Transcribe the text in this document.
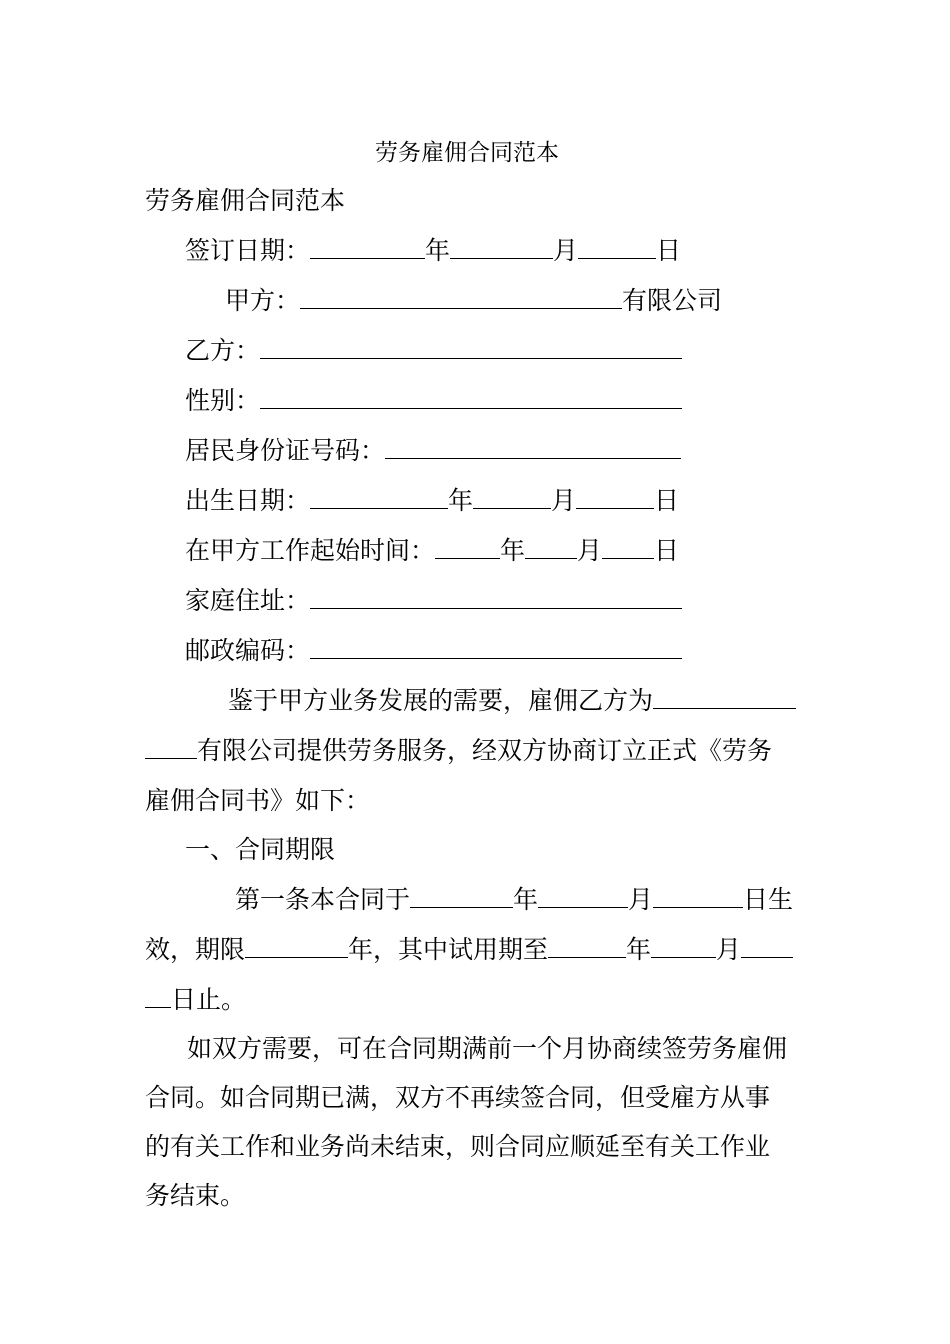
劳务雇佣合同范本
劳务雇佣合同范本
签订日期：	年	月	日
甲方：	有限公司
乙方：
性别：
居民身份证号码：
出生日期：	年	月	日
在甲方工作起始时间：	年 月 日
家庭住址：
邮政编码：
鉴于甲方业务发展的需要，雇佣乙方为
有限公司提供劳务服务，经双方协商订立正式《劳务
雇佣合同书》如下：
一、合同期限
第一条本合同于	年	月	日生
效，期限	年，其中试用期至	年	月
日止。
如双方需要，可在合同期满前一个月协商续签劳务雇佣
合同。如合同期已满，双方不再续签合同，但受雇方从事
的有关工作和业务尚未结束，则合同应顺延至有关工作业
务结束。
